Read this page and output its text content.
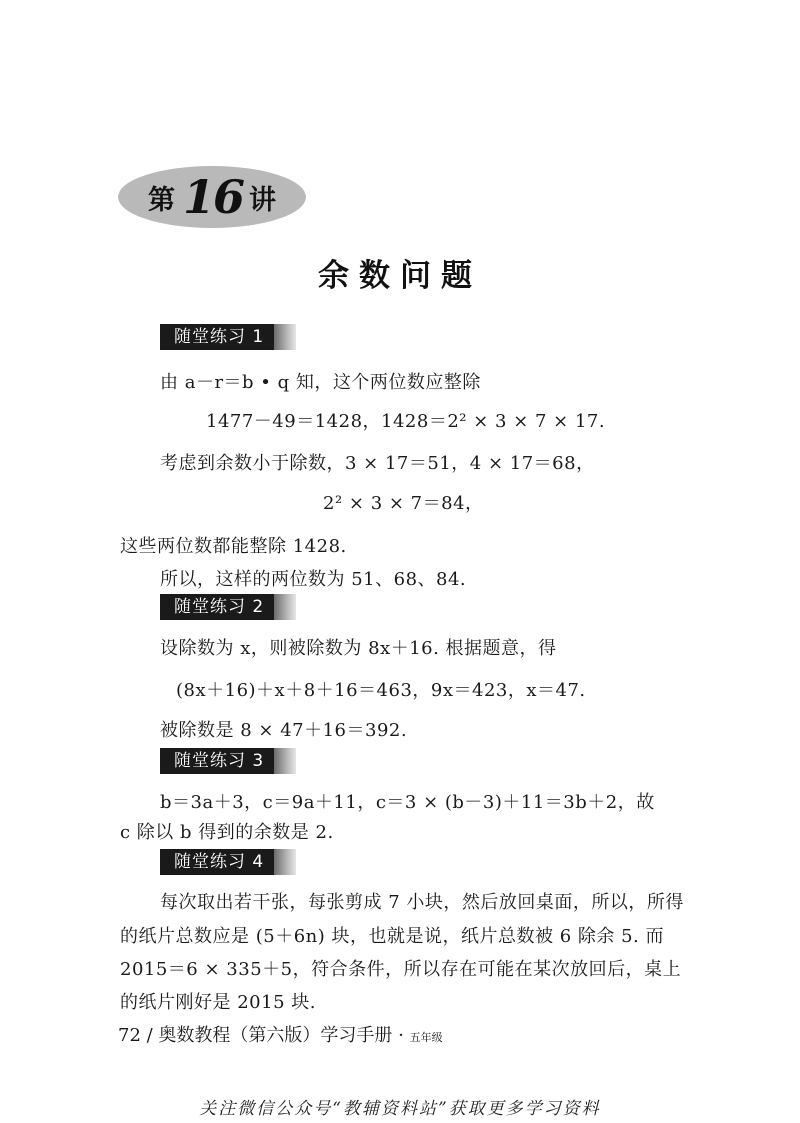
第 16 讲
余数问题
随堂练习 1
由 a－r＝b • q 知，这个两位数应整除
1477－49＝1428，1428＝2² × 3 × 7 × 17.
考虑到余数小于除数，3 × 17＝51，4 × 17＝68，
2² × 3 × 7＝84，
这些两位数都能整除 1428.
所以，这样的两位数为 51、68、84.
随堂练习 2
设除数为 x，则被除数为 8x＋16. 根据题意，得
(8x＋16)＋x＋8＋16＝463，9x＝423，x＝47.
被除数是 8 × 47＋16＝392.
随堂练习 3
b＝3a＋3，c＝9a＋11，c＝3 × (b－3)＋11＝3b＋2，故
c 除以 b 得到的余数是 2.
随堂练习 4
每次取出若干张，每张剪成 7 小块，然后放回桌面，所以，所得
的纸片总数应是 (5＋6n) 块，也就是说，纸片总数被 6 除余 5. 而
2015＝6 × 335＋5，符合条件，所以存在可能在某次放回后，桌上
的纸片刚好是 2015 块.
72 / 奥数教程（第六版）学习手册 · 五年级
关注微信公众号“教辅资料站”获取更多学习资料
